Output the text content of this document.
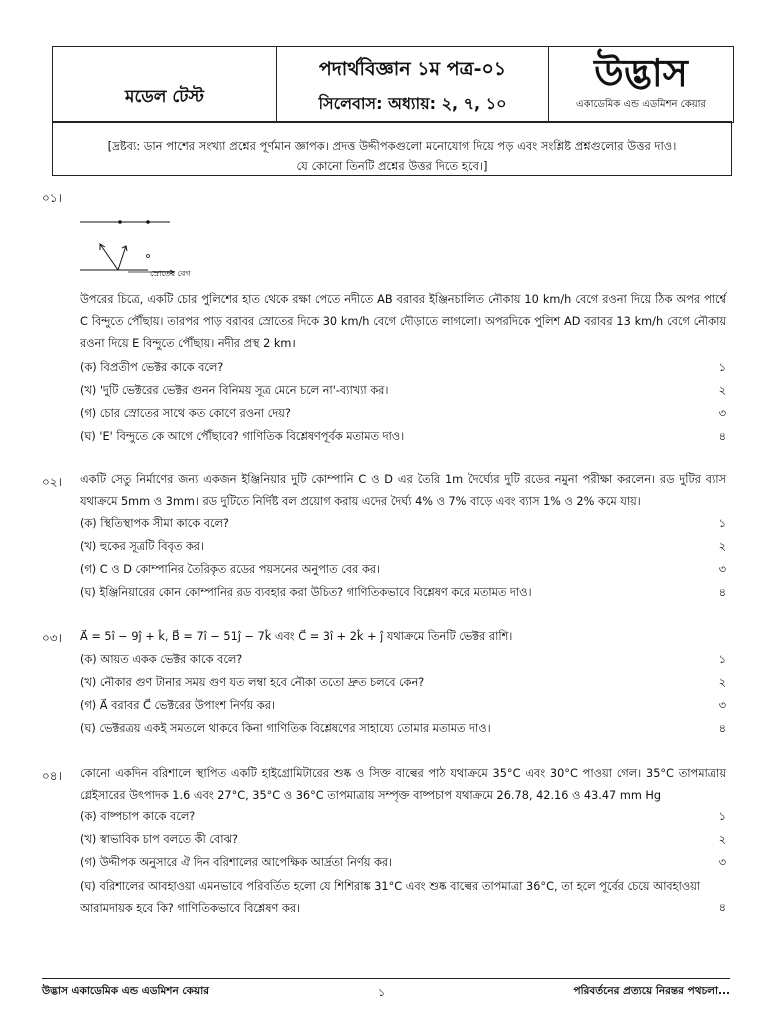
মডেল টেস্ট
পদার্থবিজ্ঞান ১ম পত্র-০১
সিলেবাস: অধ্যায়: ২, ৭, ১০
উদ্ভাস
একাডেমিক এন্ড এডমিশন কেয়ার
[দ্রষ্টব্য: ডান পাশের সংখ্যা প্রশ্নের পূর্ণমান জ্ঞাপক। প্রদত্ত উদ্দীপকগুলো মনোযোগ দিয়ে পড় এবং সংশ্লিষ্ট প্রশ্নগুলোর উত্তর দাও।
যে কোনো তিনটি প্রশ্নের উত্তর দিতে হবে।]
০১।
স্রোতের বেগ
উপরের চিত্রে, একটি চোর পুলিশের হাত থেকে রক্ষা পেতে নদীতে AB বরাবর ইঞ্জিনচালিত নৌকায় 10 km/h বেগে রওনা দিয়ে ঠিক অপর পার্শ্বে C বিন্দুতে পৌঁছায়। তারপর পাড় বরাবর স্রোতের দিকে 30 km/h বেগে দৌড়াতে লাগলো। অপরদিকে পুলিশ AD বরাবর 13 km/h বেগে নৌকায় রওনা দিয়ে E বিন্দুতে পৌঁছায়। নদীর প্রস্থ 2 km।
(ক) বিপ্রতীপ ভেক্টর কাকে বলে?	১
(খ) 'দুটি ভেক্টরের ভেক্টর গুনন বিনিময় সূত্র মেনে চলে না'-ব্যাখ্যা কর।	২
(গ) চোর স্রোতের সাথে কত কোণে রওনা দেয়?	৩
(ঘ) 'E' বিন্দুতে কে আগে পৌঁছাবে? গাণিতিক বিশ্লেষণপূর্বক মতামত দাও।	৪
০২। একটি সেতু নির্মাণের জন্য একজন ইঞ্জিনিয়ার দুটি কোম্পানি C ও D এর তৈরি 1m দৈর্ঘ্যের দুটি রডের নমুনা পরীক্ষা করলেন। রড দুটির ব্যাস যথাক্রমে 5mm ও 3mm। রড দুটিতে নির্দিষ্ট বল প্রয়োগ করায় এদের দৈর্ঘ্য 4% ও 7% বাড়ে এবং ব্যাস 1% ও 2% কমে যায়।
(ক) স্থিতিস্থাপক সীমা কাকে বলে?	১
(খ) হুকের সূত্রটি বিবৃত কর।	২
(গ) C ও D কোম্পানির তৈরিকৃত রডের পয়সনের অনুপাত বের কর।	৩
(ঘ) ইঞ্জিনিয়ারের কোন কোম্পানির রড ব্যবহার করা উচিত? গাণিতিকভাবে বিশ্লেষণ করে মতামত দাও।	৪
০৩। A⃗ = 5î − 9ĵ + k̂, B⃗ = 7î − 51ĵ − 7k̂ এবং C⃗ = 3î + 2k̂ + ĵ যথাক্রমে তিনটি ভেক্টর রাশি।
(ক) আয়ত একক ভেক্টর কাকে বলে?	১
(খ) নৌকার গুণ টানার সময় গুণ যত লম্বা হবে নৌকা ততো দ্রুত চলবে কেন?	২
(গ) A⃗ বরাবর C⃗ ভেক্টরের উপাংশ নির্ণয় কর।	৩
(ঘ) ভেক্টরত্রয় একই সমতলে থাকবে কিনা গাণিতিক বিশ্লেষণের সাহায্যে তোমার মতামত দাও।	৪
০৪। কোনো একদিন বরিশালে স্থাপিত একটি হাইগ্রোমিটারের শুষ্ক ও সিক্ত বাল্বের পাঠ যথাক্রমে 35°C এবং 30°C পাওয়া গেল। 35°C তাপমাত্রায় গ্লেইসারের উৎপাদক 1.6 এবং 27°C, 35°C ও 36°C তাপমাত্রায় সম্পৃক্ত বাষ্পচাপ যথাক্রমে 26.78, 42.16 ও 43.47 mm Hg
(ক) বাষ্পচাপ কাকে বলে?	১
(খ) স্বাভাবিক চাপ বলতে কী বোঝ?	২
(গ) উদ্দীপক অনুসারে ঐ দিন বরিশালের আপেক্ষিক আর্দ্রতা নির্ণয় কর।	৩
(ঘ) বরিশালের আবহাওয়া এমনভাবে পরিবর্তিত হলো যে শিশিরাঙ্ক 31°C এবং শুষ্ক বাল্বের তাপমাত্রা 36°C, তা হলে পূর্বের চেয়ে আবহাওয়া আরামদায়ক হবে কি? গাণিতিকভাবে বিশ্লেষণ কর।	৪
উদ্ভাস একাডেমিক এন্ড এডমিশন কেয়ার	১	পরিবর্তনের প্রত্যয়ে নিরন্তর পথচলা...
